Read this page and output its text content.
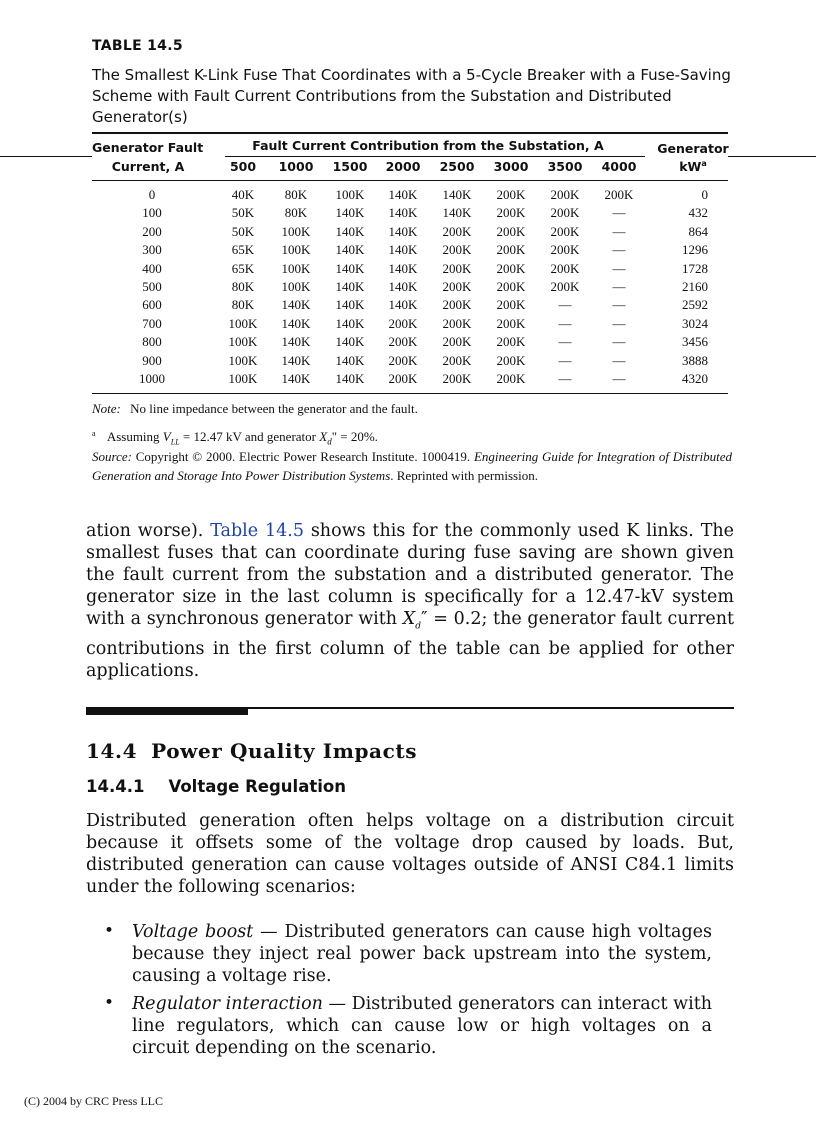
TABLE 14.5
The Smallest K-Link Fuse That Coordinates with a 5-Cycle Breaker with a Fuse-Saving Scheme with Fault Current Contributions from the Substation and Distributed Generator(s)
Generator Fault
Current, A
Fault Current Contribution from the Substation, A	Generator
$kW^a$
500 1000 1500 2000 2500 3000 3500 4000
0	40K 80K 100K 140K 140K 200K 200K 200K	0
100	50K 80K 140K 140K 140K 200K 200K	—	432
200	50K 100K 140K 140K 200K 200K 200K	—	864
300	65K 100K 140K 140K 200K 200K 200K	—	1296
400	65K 100K 140K 140K 200K 200K 200K	—	1728
500	80K 100K 140K 140K 200K 200K 200K	—	2160
600	80K 140K 140K 140K 200K 200K	—	—	2592
700	100K 140K 140K 200K 200K 200K	—	—	3024
800	100K 140K 140K 200K 200K 200K	—	—	3456
900	100K 140K 140K 200K 200K 200K	—	—	3888
1000	100K 140K 140K 200K 200K 200K	—	—	4320
Note: No line impedance between the generator and the fault.
$^a$ Assuming $V_{LL} = 12.47$ kV and generator $X_d$" = 20%.
Source: Copyright © 2000. Electric Power Research Institute. 1000419. Engineering Guide for Integration of Distributed Generation and Storage Into Power Distribution Systems. Reprinted with permission.
ation worse). Table 14.5 shows this for the commonly used K links. The smallest fuses that can coordinate during fuse saving are shown given the fault current from the substation and a distributed generator. The generator size in the last column is specifically for a 12.47-kV system with a synchronous generator with $X_d'' = 0.2$; the generator fault current contributions in the first column of the table can be applied for other applications.
14.4 Power Quality Impacts
14.4.1 Voltage Regulation
Distributed generation often helps voltage on a distribution circuit because it offsets some of the voltage drop caused by loads. But, distributed generation can cause voltages outside of ANSI C84.1 limits under the following scenarios:
• Voltage boost — Distributed generators can cause high voltages because they inject real power back upstream into the system, causing a voltage rise.
• Regulator interaction — Distributed generators can interact with line regulators, which can cause low or high voltages on a circuit depending on the scenario.
(C) 2004 by CRC Press LLC
